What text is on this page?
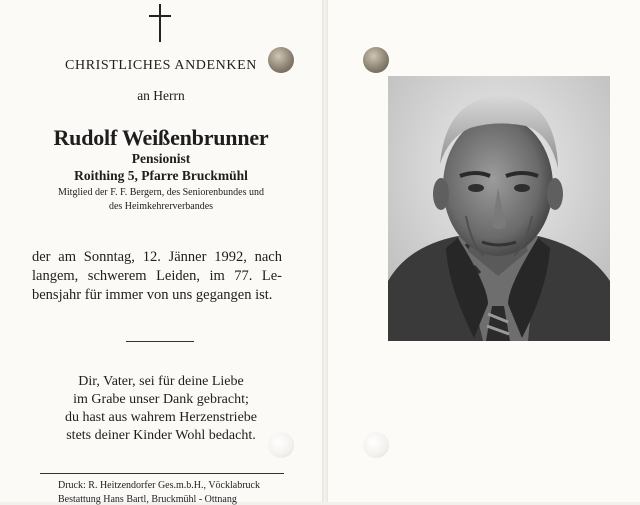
CHRISTLICHES ANDENKEN
an Herrn
Rudolf Weißenbrunner
Pensionist
Roithing 5, Pfarre Bruckmühl
Mitglied der F. F. Bergern, des Seniorenbundes und
des Heimkehrerverbandes
der am Sonntag, 12. Jänner 1992, nach
langem, schwerem Leiden, im 77. Le-
bensjahr für immer von uns gegangen ist.
Dir, Vater, sei für deine Liebe
im Grabe unser Dank gebracht;
du hast aus wahrem Herzenstriebe
stets deiner Kinder Wohl bedacht.
Druck: R. Heitzendorfer Ges.m.b.H., Vöcklabruck
Bestattung Hans Bartl, Bruckmühl - Ottnang
